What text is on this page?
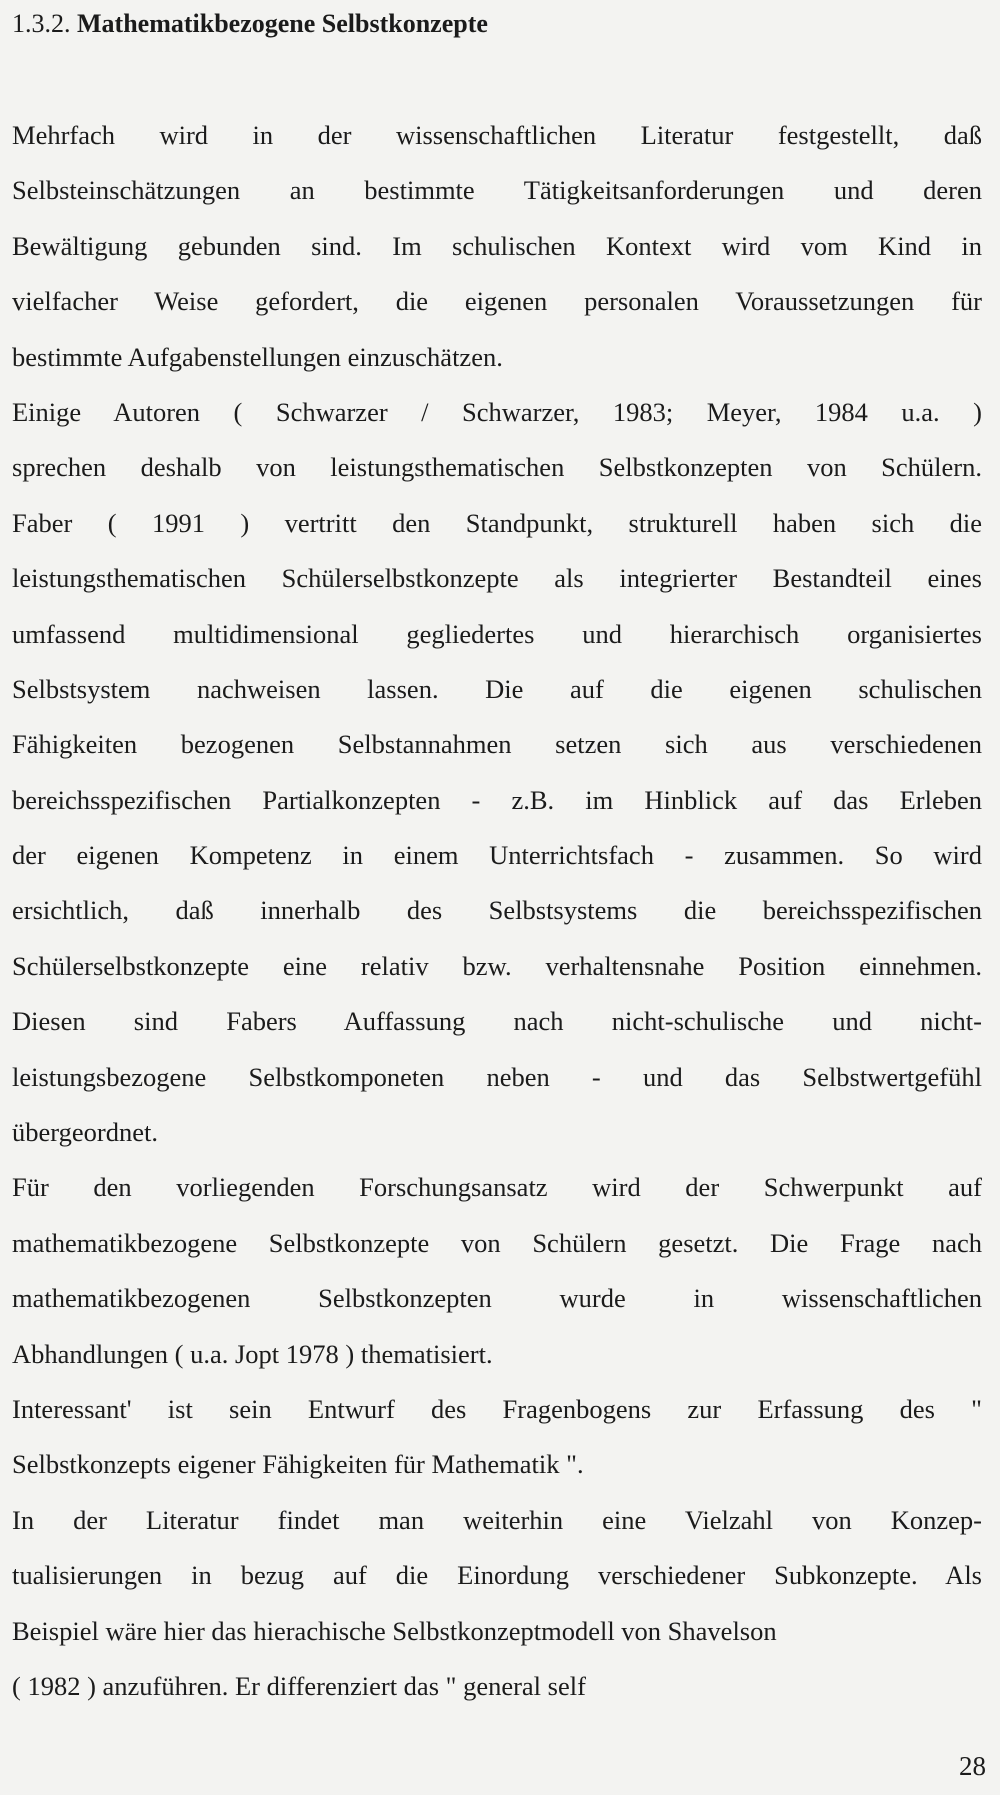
1.3.2. Mathematikbezogene Selbstkonzepte
Mehrfach wird in der wissenschaftlichen Literatur festgestellt, daß
Selbsteinschätzungen an bestimmte Tätigkeitsanforderungen und deren
Bewältigung gebunden sind. Im schulischen Kontext wird vom Kind in
vielfacher Weise gefordert, die eigenen personalen Voraussetzungen für
bestimmte Aufgabenstellungen einzuschätzen.
Einige Autoren ( Schwarzer / Schwarzer, 1983; Meyer, 1984 u.a. )
sprechen deshalb von leistungsthematischen Selbstkonzepten von Schülern.
Faber ( 1991 ) vertritt den Standpunkt, strukturell haben sich die
leistungsthematischen Schülerselbstkonzepte als integrierter Bestandteil eines
umfassend multidimensional gegliedertes und hierarchisch organisiertes
Selbstsystem nachweisen lassen. Die auf die eigenen schulischen
Fähigkeiten bezogenen Selbstannahmen setzen sich aus verschiedenen
bereichsspezifischen Partialkonzepten - z.B. im Hinblick auf das Erleben
der eigenen Kompetenz in einem Unterrichtsfach - zusammen. So wird
ersichtlich, daß innerhalb des Selbstsystems die bereichsspezifischen
Schülerselbstkonzepte eine relativ bzw. verhaltensnahe Position einnehmen.
Diesen sind Fabers Auffassung nach nicht-schulische und nicht-
leistungsbezogene Selbstkomponeten neben - und das Selbstwertgefühl
übergeordnet.
Für den vorliegenden Forschungsansatz wird der Schwerpunkt auf
mathematikbezogene Selbstkonzepte von Schülern gesetzt. Die Frage nach
mathematikbezogenen Selbstkonzepten wurde in wissenschaftlichen
Abhandlungen ( u.a. Jopt 1978 ) thematisiert.
Interessant' ist sein Entwurf des Fragenbogens zur Erfassung des "
Selbstkonzepts eigener Fähigkeiten für Mathematik ".
In der Literatur findet man weiterhin eine Vielzahl von Konzep-
tualisierungen in bezug auf die Einordung verschiedener Subkonzepte. Als
Beispiel wäre hier das hierachische Selbstkonzeptmodell von Shavelson
( 1982 ) anzuführen. Er differenziert das " general self
28
